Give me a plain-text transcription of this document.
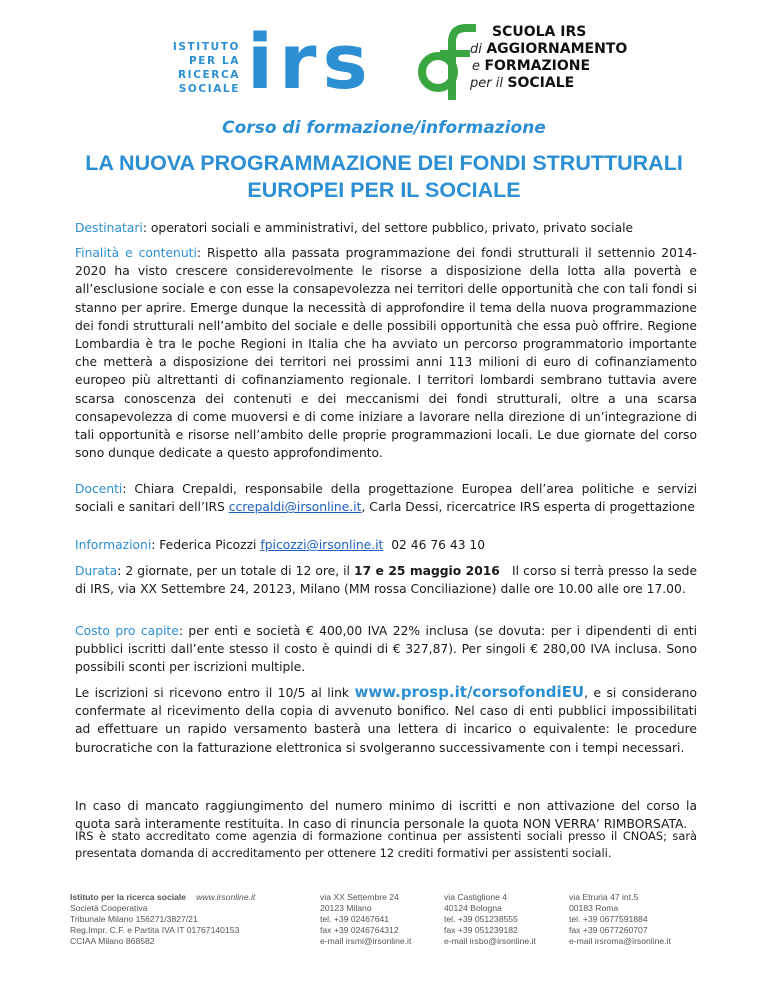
ISTITUTO
PER LA
RICERCA
SOCIALE irs	SCUOLA IRS
di AGGIORNAMENTO
e FORMAZIONE
per il SOCIALE
Corso di formazione/informazione
LA NUOVA PROGRAMMAZIONE DEI FONDI STRUTTURALI
EUROPEI PER IL SOCIALE
Destinatari: operatori sociali e amministrativi, del settore pubblico, privato, privato sociale
Finalità e contenuti: Rispetto alla passata programmazione dei fondi strutturali il settennio 2014-2020 ha visto crescere considerevolmente le risorse a disposizione della lotta alla povertà e all’esclusione sociale e con esse la consapevolezza nei territori delle opportunità che con tali fondi si stanno per aprire. Emerge dunque la necessità di approfondire il tema della nuova programmazione dei fondi strutturali nell’ambito del sociale e delle possibili opportunità che essa può offrire. Regione Lombardia è tra le poche Regioni in Italia che ha avviato un percorso programmatorio importante che metterà a disposizione dei territori nei prossimi anni 113 milioni di euro di cofinanziamento europeo più altrettanti di cofinanziamento regionale. I territori lombardi sembrano tuttavia avere scarsa conoscenza dei contenuti e dei meccanismi dei fondi strutturali, oltre a una scarsa consapevolezza di come muoversi e di come iniziare a lavorare nella direzione di un’integrazione di tali opportunità e risorse nell’ambito delle proprie programmazioni locali. Le due giornate del corso sono dunque dedicate a questo approfondimento.
Docenti: Chiara Crepaldi, responsabile della progettazione Europea dell’area politiche e servizi sociali e sanitari dell’IRS ccrepaldi@irsonline.it, Carla Dessi, ricercatrice IRS esperta di progettazione
Informazioni: Federica Picozzi fpicozzi@irsonline.it  02 46 76 43 10
Durata: 2 giornate, per un totale di 12 ore, il 17 e 25 maggio 2016   Il corso si terrà presso la sede di IRS, via XX Settembre 24, 20123, Milano (MM rossa Conciliazione) dalle ore 10.00 alle ore 17.00.
Costo pro capite: per enti e società € 400,00 IVA 22% inclusa (se dovuta: per i dipendenti di enti pubblici iscritti dall’ente stesso il costo è quindi di € 327,87). Per singoli € 280,00 IVA inclusa. Sono possibili sconti per iscrizioni multiple.
Le iscrizioni si ricevono entro il 10/5 al link www.prosp.it/corsofondiEU, e si considerano confermate al ricevimento della copia di avvenuto bonifico. Nel caso di enti pubblici impossibilitati ad effettuare un rapido versamento basterà una lettera di incarico o equivalente: le procedure burocratiche con la fatturazione elettronica si svolgeranno successivamente con i tempi necessari.
In caso di mancato raggiungimento del numero minimo di iscritti e non attivazione del corso la quota sarà interamente restituita. In caso di rinuncia personale la quota NON VERRA’ RIMBORSATA.
IRS è stato accreditato come agenzia di formazione continua per assistenti sociali presso il CNOAS; sarà presentata domanda di accreditamento per ottenere 12 crediti formativi per assistenti sociali.
Istituto per la ricerca sociale www.irsonline.it
Società Cooperativa
Tribunale Milano 156271/3827/21
Reg.Impr. C.F. e Partita IVA IT 01767140153
CCIAA Milano 868582
via XX Settembre 24
20123 Milano
tel. +39 02467641
fax +39 0246764312
e-mail irsmi@irsonline.it
via Castiglione 4
40124 Bologna
tel. +39 051238555
fax +39 051239182
e-mail irsbo@irsonline.it
via Etruria 47 int.5
00183 Roma
tel. +39 0677591884
fax +39 0677260707
e-mail irsroma@irsonline.it
